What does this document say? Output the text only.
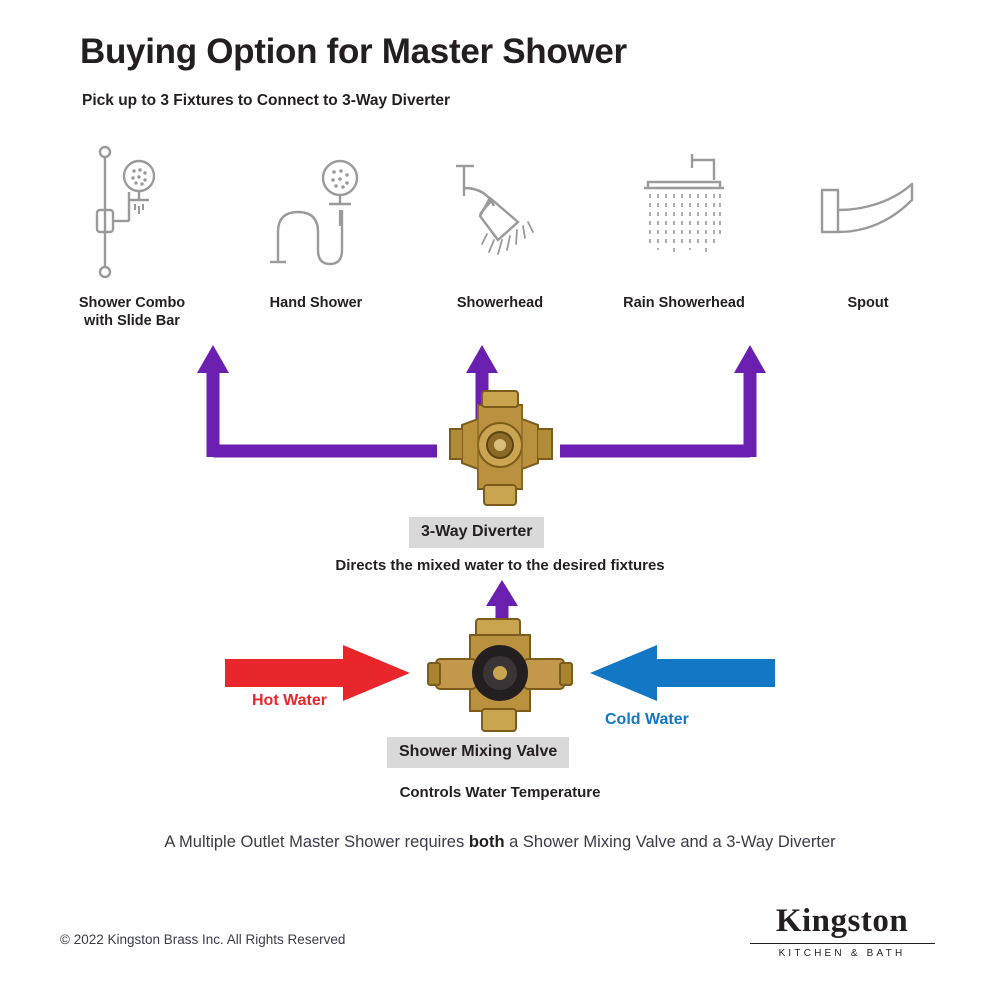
Buying Option for Master Shower
Pick up to 3 Fixtures to Connect to 3-Way Diverter
Shower Combo
with Slide Bar
Hand Shower	Showerhead	Rain Showerhead	Spout
3-Way Diverter
Directs the mixed water to the desired fixtures
Hot Water
Cold Water
Shower Mixing Valve
Controls Water Temperature
A Multiple Outlet Master Shower requires both a Shower Mixing Valve and a 3-Way Diverter
© 2022 Kingston Brass Inc. All Rights Reserved
Kingston
KITCHEN & BATH
